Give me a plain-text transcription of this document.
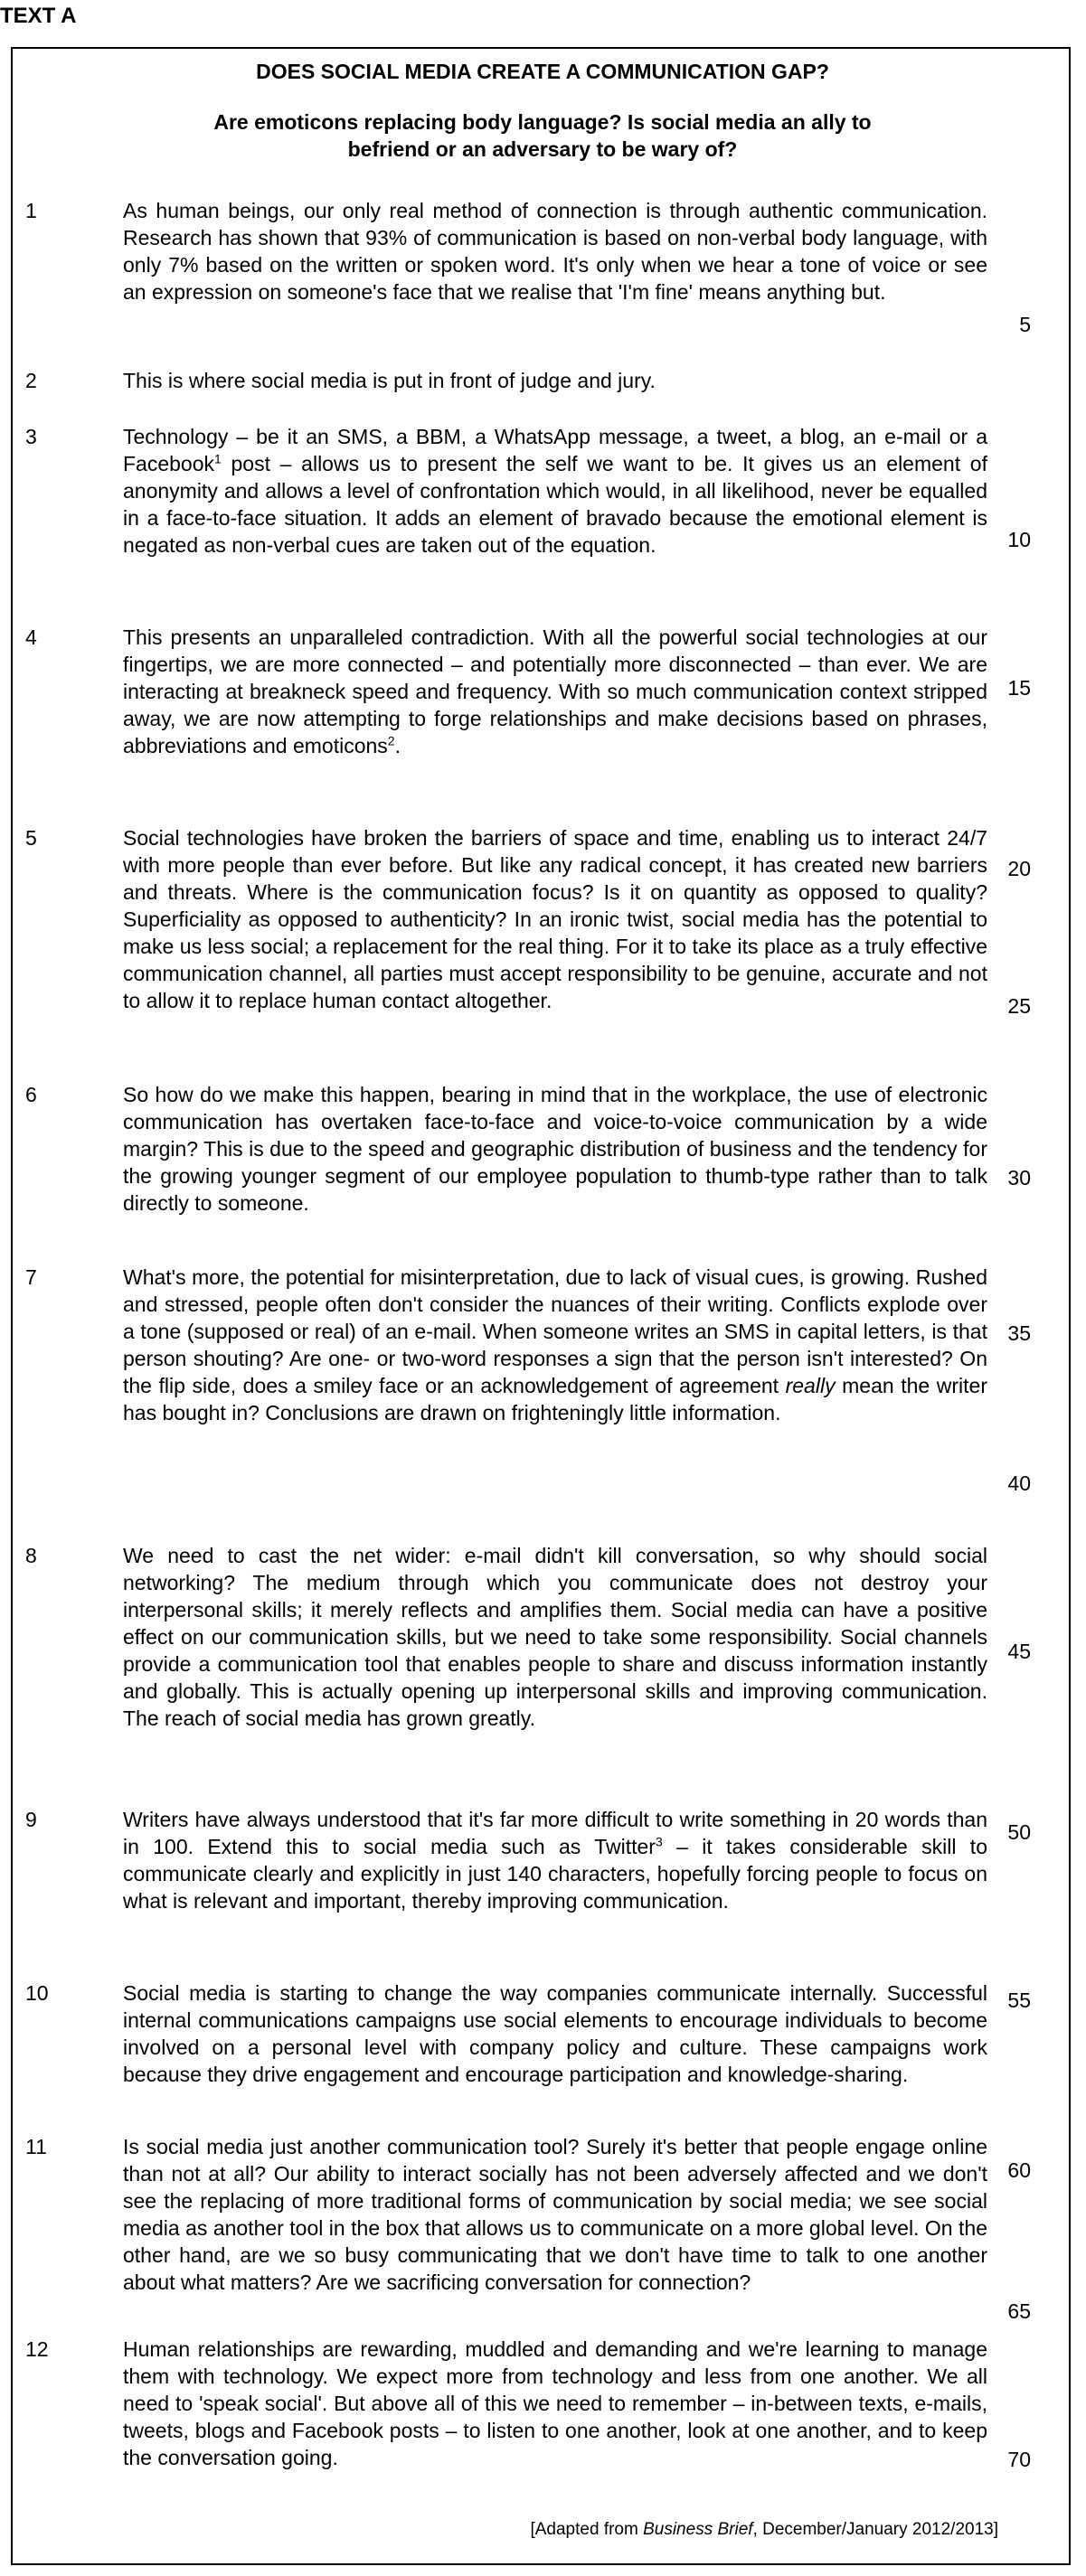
TEXT A
DOES SOCIAL MEDIA CREATE A COMMUNICATION GAP?
Are emoticons replacing body language? Is social media an ally to
befriend or an adversary to be wary of?
1	As human beings, our only real method of connection is through authentic communication. Research has shown that 93% of communication is based on non-verbal body language, with only 7% based on the written or spoken word. It's only when we hear a tone of voice or see an expression on someone's face that we realise that 'I'm fine' means anything but.
2	This is where social media is put in front of judge and jury.
3	Technology – be it an SMS, a BBM, a WhatsApp message, a tweet, a blog, an e-mail or a Facebook$^1$ post – allows us to present the self we want to be. It gives us an element of anonymity and allows a level of confrontation which would, in all likelihood, never be equalled in a face-to-face situation. It adds an element of bravado because the emotional element is negated as non-verbal cues are taken out of the equation.
4	This presents an unparalleled contradiction. With all the powerful social technologies at our fingertips, we are more connected – and potentially more disconnected – than ever. We are interacting at breakneck speed and frequency. With so much communication context stripped away, we are now attempting to forge relationships and make decisions based on phrases, abbreviations and emoticons$^2$.
5	Social technologies have broken the barriers of space and time, enabling us to interact 24/7 with more people than ever before. But like any radical concept, it has created new barriers and threats. Where is the communication focus? Is it on quantity as opposed to quality? Superficiality as opposed to authenticity? In an ironic twist, social media has the potential to make us less social; a replacement for the real thing. For it to take its place as a truly effective communication channel, all parties must accept responsibility to be genuine, accurate and not to allow it to replace human contact altogether.
6	So how do we make this happen, bearing in mind that in the workplace, the use of electronic communication has overtaken face-to-face and voice-to-voice communication by a wide margin? This is due to the speed and geographic distribution of business and the tendency for the growing younger segment of our employee population to thumb-type rather than to talk directly to someone.
7	What's more, the potential for misinterpretation, due to lack of visual cues, is growing. Rushed and stressed, people often don't consider the nuances of their writing. Conflicts explode over a tone (supposed or real) of an e-mail. When someone writes an SMS in capital letters, is that person shouting? Are one- or two-word responses a sign that the person isn't interested? On the flip side, does a smiley face or an acknowledgement of agreement really mean the writer has bought in? Conclusions are drawn on frighteningly little information.
8	We need to cast the net wider: e-mail didn't kill conversation, so why should social networking? The medium through which you communicate does not destroy your interpersonal skills; it merely reflects and amplifies them. Social media can have a positive effect on our communication skills, but we need to take some responsibility. Social channels provide a communication tool that enables people to share and discuss information instantly and globally. This is actually opening up interpersonal skills and improving communication. The reach of social media has grown greatly.
9	Writers have always understood that it's far more difficult to write something in 20 words than in 100. Extend this to social media such as Twitter$^3$ – it takes considerable skill to communicate clearly and explicitly in just 140 characters, hopefully forcing people to focus on what is relevant and important, thereby improving communication.
10	Social media is starting to change the way companies communicate internally. Successful internal communications campaigns use social elements to encourage individuals to become involved on a personal level with company policy and culture. These campaigns work because they drive engagement and encourage participation and knowledge-sharing.
11	Is social media just another communication tool? Surely it's better that people engage online than not at all? Our ability to interact socially has not been adversely affected and we don't see the replacing of more traditional forms of communication by social media; we see social media as another tool in the box that allows us to communicate on a more global level. On the other hand, are we so busy communicating that we don't have time to talk to one another about what matters? Are we sacrificing conversation for connection?
12	Human relationships are rewarding, muddled and demanding and we're learning to manage them with technology. We expect more from technology and less from one another. We all need to 'speak social'. But above all of this we need to remember – in-between texts, e-mails, tweets, blogs and Facebook posts – to listen to one another, look at one another, and to keep the conversation going.
5
10
15
20
25
30
35
40
45
50
55
60
65
70
[Adapted from Business Brief, December/January 2012/2013]
